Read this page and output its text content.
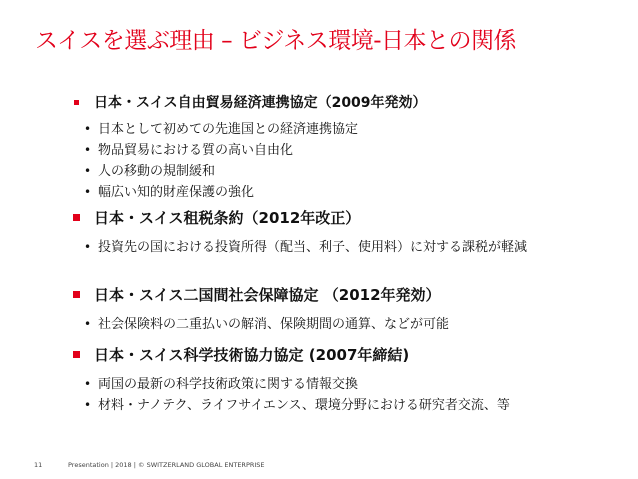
スイスを選ぶ理由 – ビジネス環境-日本との関係
日本・スイス自由貿易経済連携協定（2009年発効）
• 日本として初めての先進国との経済連携協定
• 物品貿易における質の高い自由化
• 人の移動の規制緩和
• 幅広い知的財産保護の強化
日本・スイス租税条約（2012年改正）
• 投資先の国における投資所得（配当、利子、使用料）に対する課税が軽減
日本・スイス二国間社会保障協定 （2012年発効）
• 社会保険料の二重払いの解消、保険期間の通算、などが可能
日本・スイス科学技術協力協定 (2007年締結)
• 両国の最新の科学技術政策に関する情報交換
• 材料・ナノテク、ライフサイエンス、環境分野における研究者交流、等
11	Presentation | 2018 | © SWITZERLAND GLOBAL ENTERPRISE
